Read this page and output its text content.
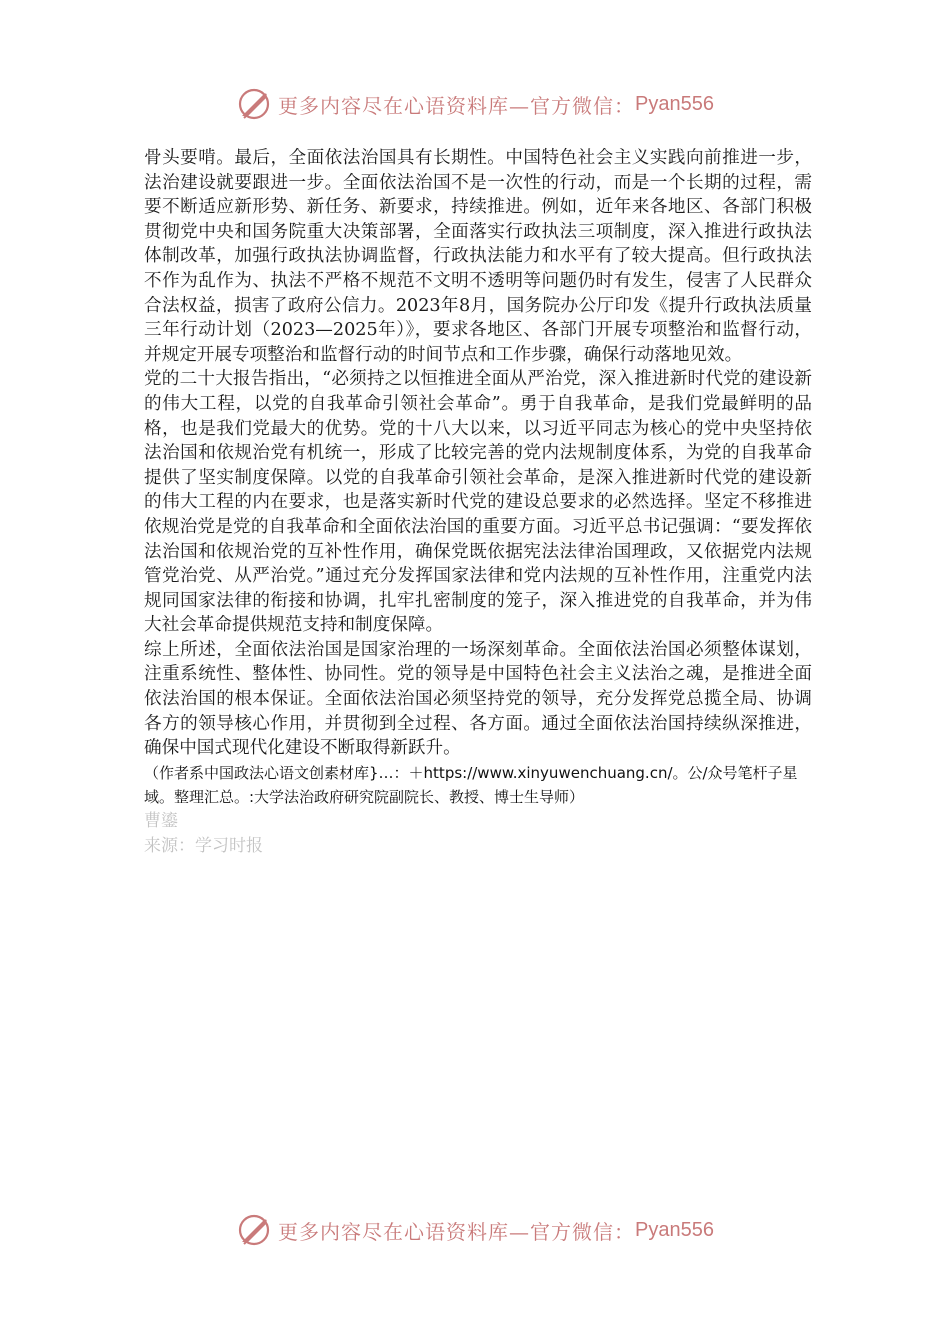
更多内容尽在心语资料库—官方微信： Pyan556

骨头要啃。最后，全面依法治国具有长期性。中国特色社会主义实践向前推进一步，法治建设就要跟进一步。全面依法治国不是一次性的行动，而是一个长期的过程，需要不断适应新形势、新任务、新要求，持续推进。例如，近年来各地区、各部门积极贯彻党中央和国务院重大决策部署，全面落实行政执法三项制度，深入推进行政执法体制改革，加强行政执法协调监督，行政执法能力和水平有了较大提高。但行政执法不作为乱作为、执法不严格不规范不文明不透明等问题仍时有发生，侵害了人民群众合法权益，损害了政府公信力。2023年8月，国务院办公厅印发《提升行政执法质量三年行动计划（2023—2025年）》，要求各地区、各部门开展专项整治和监督行动，并规定开展专项整治和监督行动的时间节点和工作步骤，确保行动落地见效。

党的二十大报告指出，“必须持之以恒推进全面从严治党，深入推进新时代党的建设新的伟大工程，以党的自我革命引领社会革命”。勇于自我革命，是我们党最鲜明的品格，也是我们党最大的优势。党的十八大以来，以习近平同志为核心的党中央坚持依法治国和依规治党有机统一，形成了比较完善的党内法规制度体系，为党的自我革命提供了坚实制度保障。以党的自我革命引领社会革命，是深入推进新时代党的建设新的伟大工程的内在要求，也是落实新时代党的建设总要求的必然选择。坚定不移推进依规治党是党的自我革命和全面依法治国的重要方面。习近平总书记强调：“要发挥依法治国和依规治党的互补性作用，确保党既依据宪法法律治国理政，又依据党内法规管党治党、从严治党。”通过充分发挥国家法律和党内法规的互补性作用，注重党内法规同国家法律的衔接和协调，扎牢扎密制度的笼子，深入推进党的自我革命，并为伟大社会革命提供规范支持和制度保障。

综上所述，全面依法治国是国家治理的一场深刻革命。全面依法治国必须整体谋划，注重系统性、整体性、协同性。党的领导是中国特色社会主义法治之魂，是推进全面依法治国的根本保证。全面依法治国必须坚持党的领导，充分发挥党总揽全局、协调各方的领导核心作用，并贯彻到全过程、各方面。通过全面依法治国持续纵深推进，确保中国式现代化建设不断取得新跃升。

（作者系中国政法心语文创素材库}…：＋https://www.xinyuwenchuang.cn/。公/众号笔杆子星域。整理汇总。:大学法治政府研究院副院长、教授、博士生导师）

曹鎏

来源：学习时报

更多内容尽在心语资料库—官方微信： Pyan556
